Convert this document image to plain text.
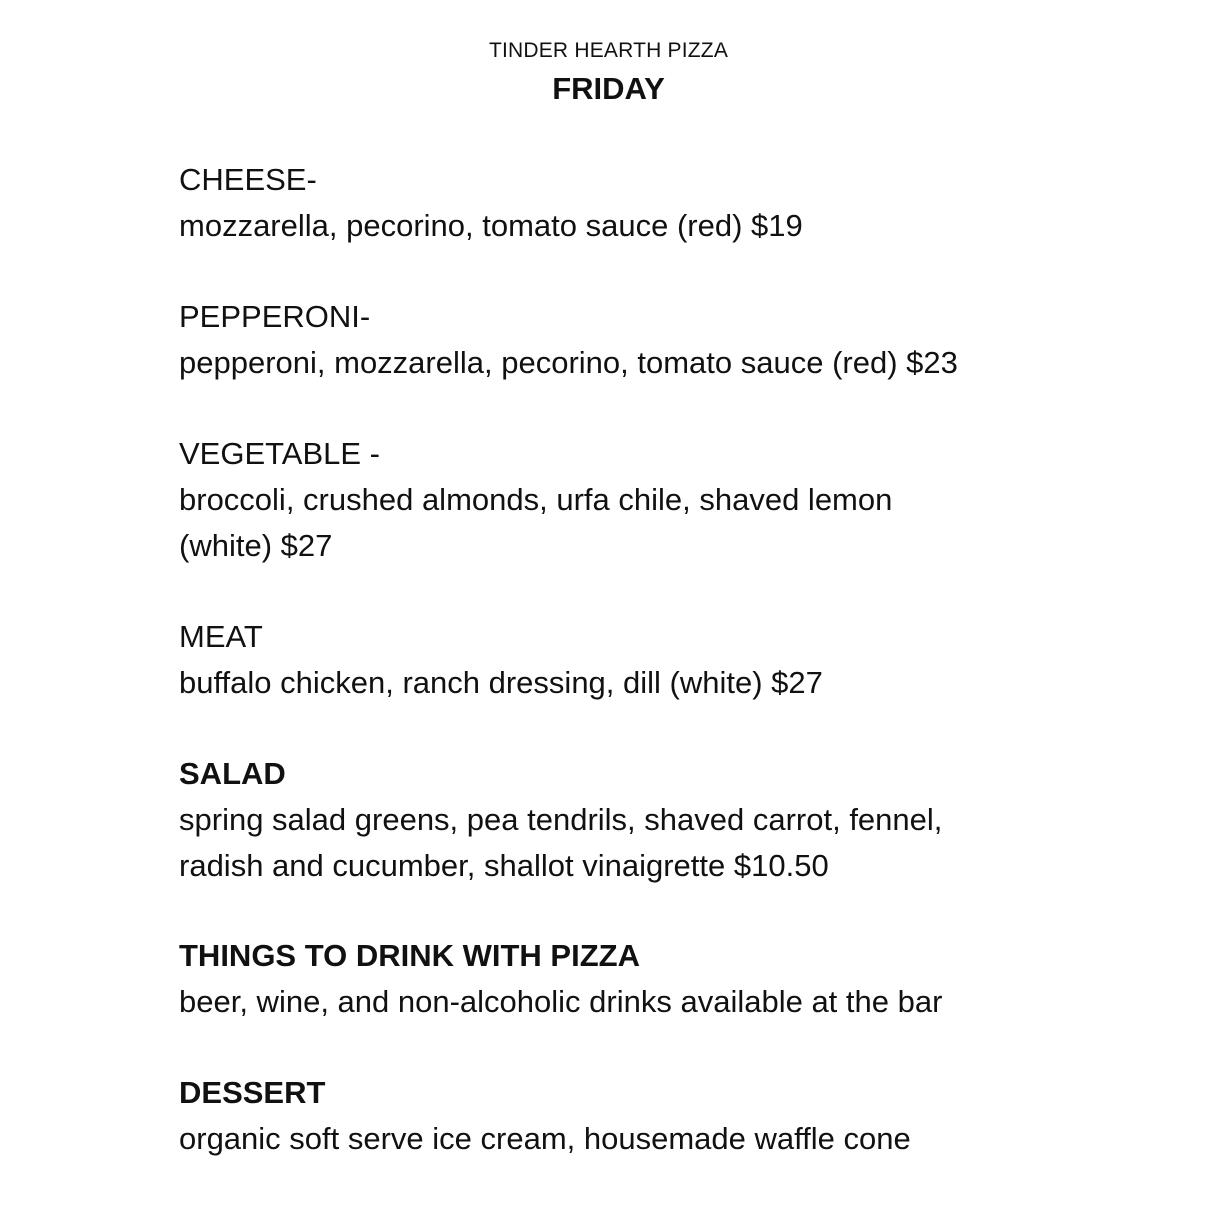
TINDER HEARTH PIZZA
FRIDAY
CHEESE-
mozzarella, pecorino, tomato sauce (red) $19
PEPPERONI-
pepperoni, mozzarella, pecorino, tomato sauce (red) $23
VEGETABLE -
broccoli, crushed almonds, urfa chile, shaved lemon
(white) $27
MEAT
buffalo chicken, ranch dressing, dill (white) $27
SALAD
spring salad greens, pea tendrils, shaved carrot, fennel,
radish and cucumber, shallot vinaigrette $10.50
THINGS TO DRINK WITH PIZZA
beer, wine, and non-alcoholic drinks available at the bar
DESSERT
organic soft serve ice cream, housemade waffle cone
